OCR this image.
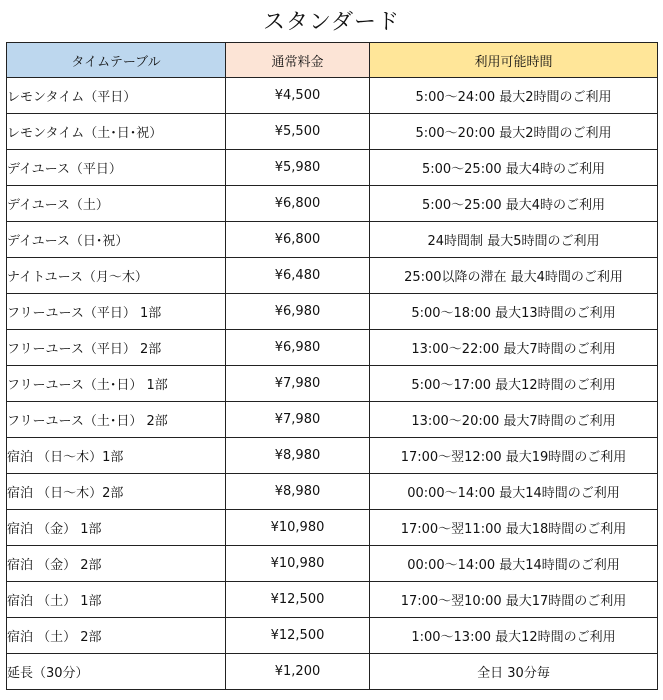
スタンダード
タイムテーブル	通常料金	利用可能時間
レモンタイム（平日）	¥4,500	5:00〜24:00 最大2時間のご利用
レモンタイム（土･日･祝）	¥5,500	5:00〜20:00 最大2時間のご利用
デイユース（平日）	¥5,980	5:00〜25:00 最大4時のご利用
デイユース（土）	¥6,800	5:00〜25:00 最大4時のご利用
デイユース（日･祝）	¥6,800	24時間制 最大5時間のご利用
ナイトユース（月〜木）	¥6,480	25:00以降の滞在 最大4時間のご利用
フリーユース（平日） 1部	¥6,980	5:00〜18:00 最大13時間のご利用
フリーユース（平日） 2部	¥6,980	13:00〜22:00 最大7時間のご利用
フリーユース（土･日） 1部	¥7,980	5:00〜17:00 最大12時間のご利用
フリーユース（土･日） 2部	¥7,980	13:00〜20:00 最大7時間のご利用
宿泊 （日〜木）1部	¥8,980	17:00〜翌12:00 最大19時間のご利用
宿泊 （日〜木）2部	¥8,980	00:00〜14:00 最大14時間のご利用
宿泊 （金） 1部	¥10,980	17:00〜翌11:00 最大18時間のご利用
宿泊 （金） 2部	¥10,980	00:00〜14:00 最大14時間のご利用
宿泊 （土） 1部	¥12,500	17:00〜翌10:00 最大17時間のご利用
宿泊 （土） 2部	¥12,500	1:00〜13:00 最大12時間のご利用
延長（30分）	¥1,200	全日 30分毎
